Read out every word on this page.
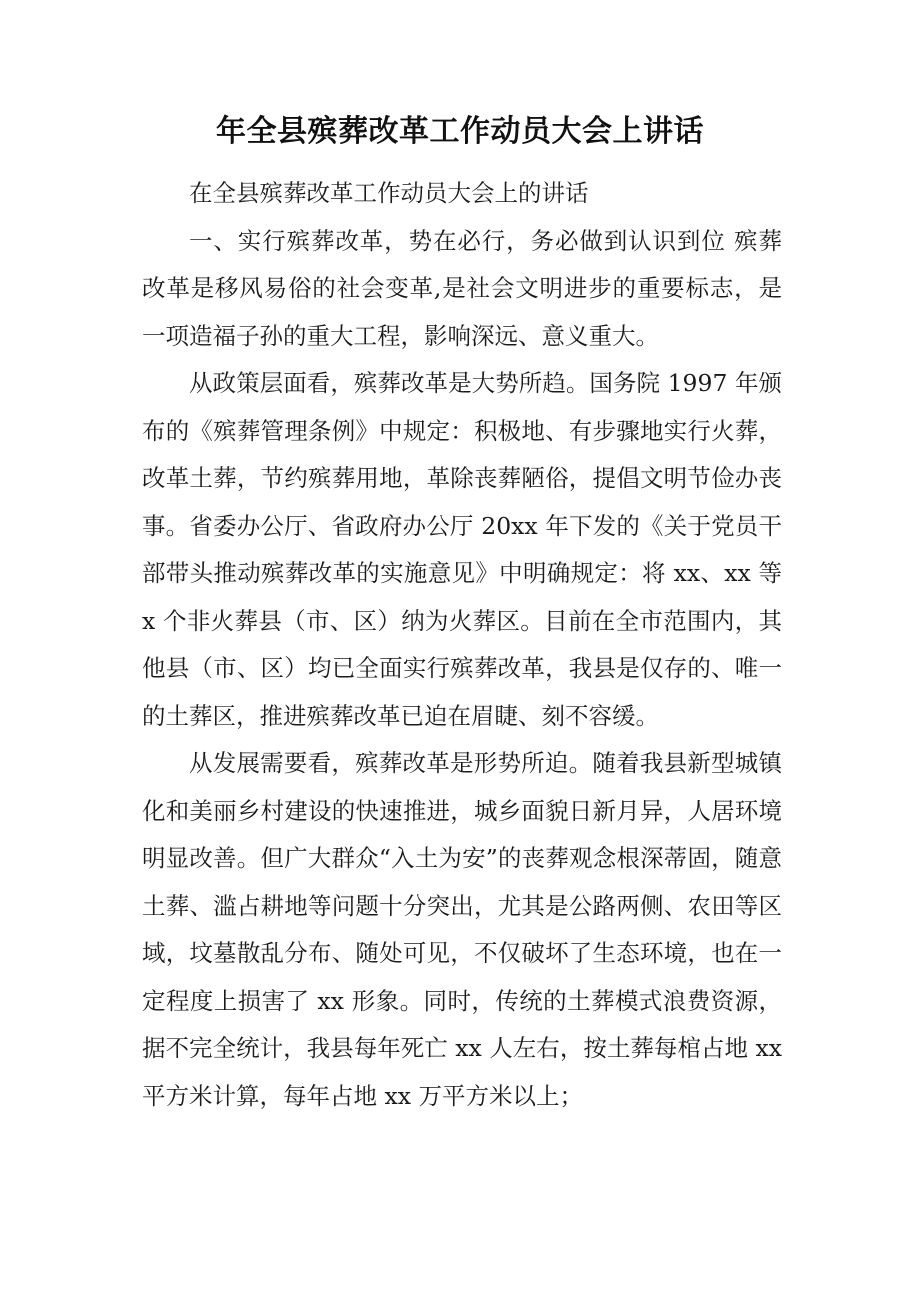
年全县殡葬改革工作动员大会上讲话

在全县殡葬改革工作动员大会上的讲话

一、实行殡葬改革，势在必行，务必做到认识到位 殡葬改革是移风易俗的社会变革,是社会文明进步的重要标志，是一项造福子孙的重大工程，影响深远、意义重大。

从政策层面看，殡葬改革是大势所趋。国务院 1997 年颁布的《殡葬管理条例》中规定：积极地、有步骤地实行火葬，改革土葬，节约殡葬用地，革除丧葬陋俗，提倡文明节俭办丧事。省委办公厅、省政府办公厅 20xx 年下发的《关于党员干部带头推动殡葬改革的实施意见》中明确规定：将 xx、xx 等 x 个非火葬县（市、区）纳为火葬区。目前在全市范围内，其他县（市、区）均已全面实行殡葬改革，我县是仅存的、唯一的土葬区，推进殡葬改革已迫在眉睫、刻不容缓。

从发展需要看，殡葬改革是形势所迫。随着我县新型城镇化和美丽乡村建设的快速推进，城乡面貌日新月异，人居环境明显改善。但广大群众“入土为安”的丧葬观念根深蒂固，随意土葬、滥占耕地等问题十分突出，尤其是公路两侧、农田等区域，坟墓散乱分布、随处可见，不仅破坏了生态环境，也在一定程度上损害了 xx 形象。同时，传统的土葬模式浪费资源，据不完全统计，我县每年死亡 xx 人左右，按土葬每棺占地 xx 平方米计算，每年占地 xx 万平方米以上；
